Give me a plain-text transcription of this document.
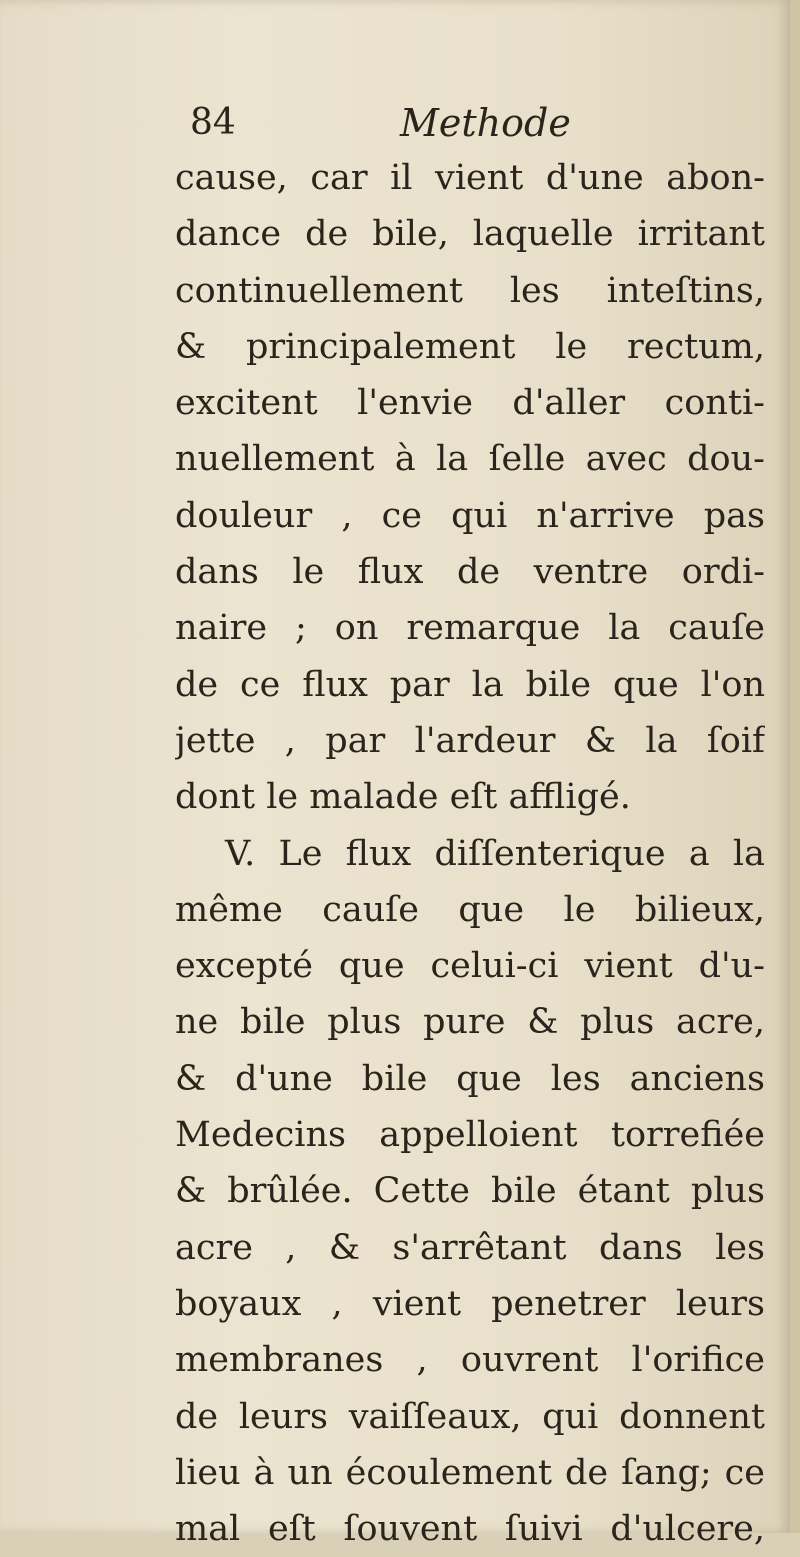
84	Methode
cause, car il vient d'une abon-
dance de bile, laquelle irritant
continuellement les inteſtins,
& principalement le rectum,
excitent l'envie d'aller conti-
nuellement à la ſelle avec dou-
douleur , ce qui n'arrive pas
dans le flux de ventre ordi-
naire ; on remarque la cauſe
de ce flux par la bile que l'on
jette , par l'ardeur & la ſoif
dont le malade eſt affligé.
V. Le flux diſſenterique a la
même cauſe que le bilieux,
excepté que celui-ci vient d'u-
ne bile plus pure & plus acre,
& d'une bile que les anciens
Medecins appelloient torrefiée
& brûlée. Cette bile étant plus
acre , & s'arrêtant dans les
boyaux , vient penetrer leurs
membranes , ouvrent l'orifice
de leurs vaiſſeaux, qui donnent
lieu à un écoulement de ſang; ce
mal eſt ſouvent ſuivi d'ulcere,
